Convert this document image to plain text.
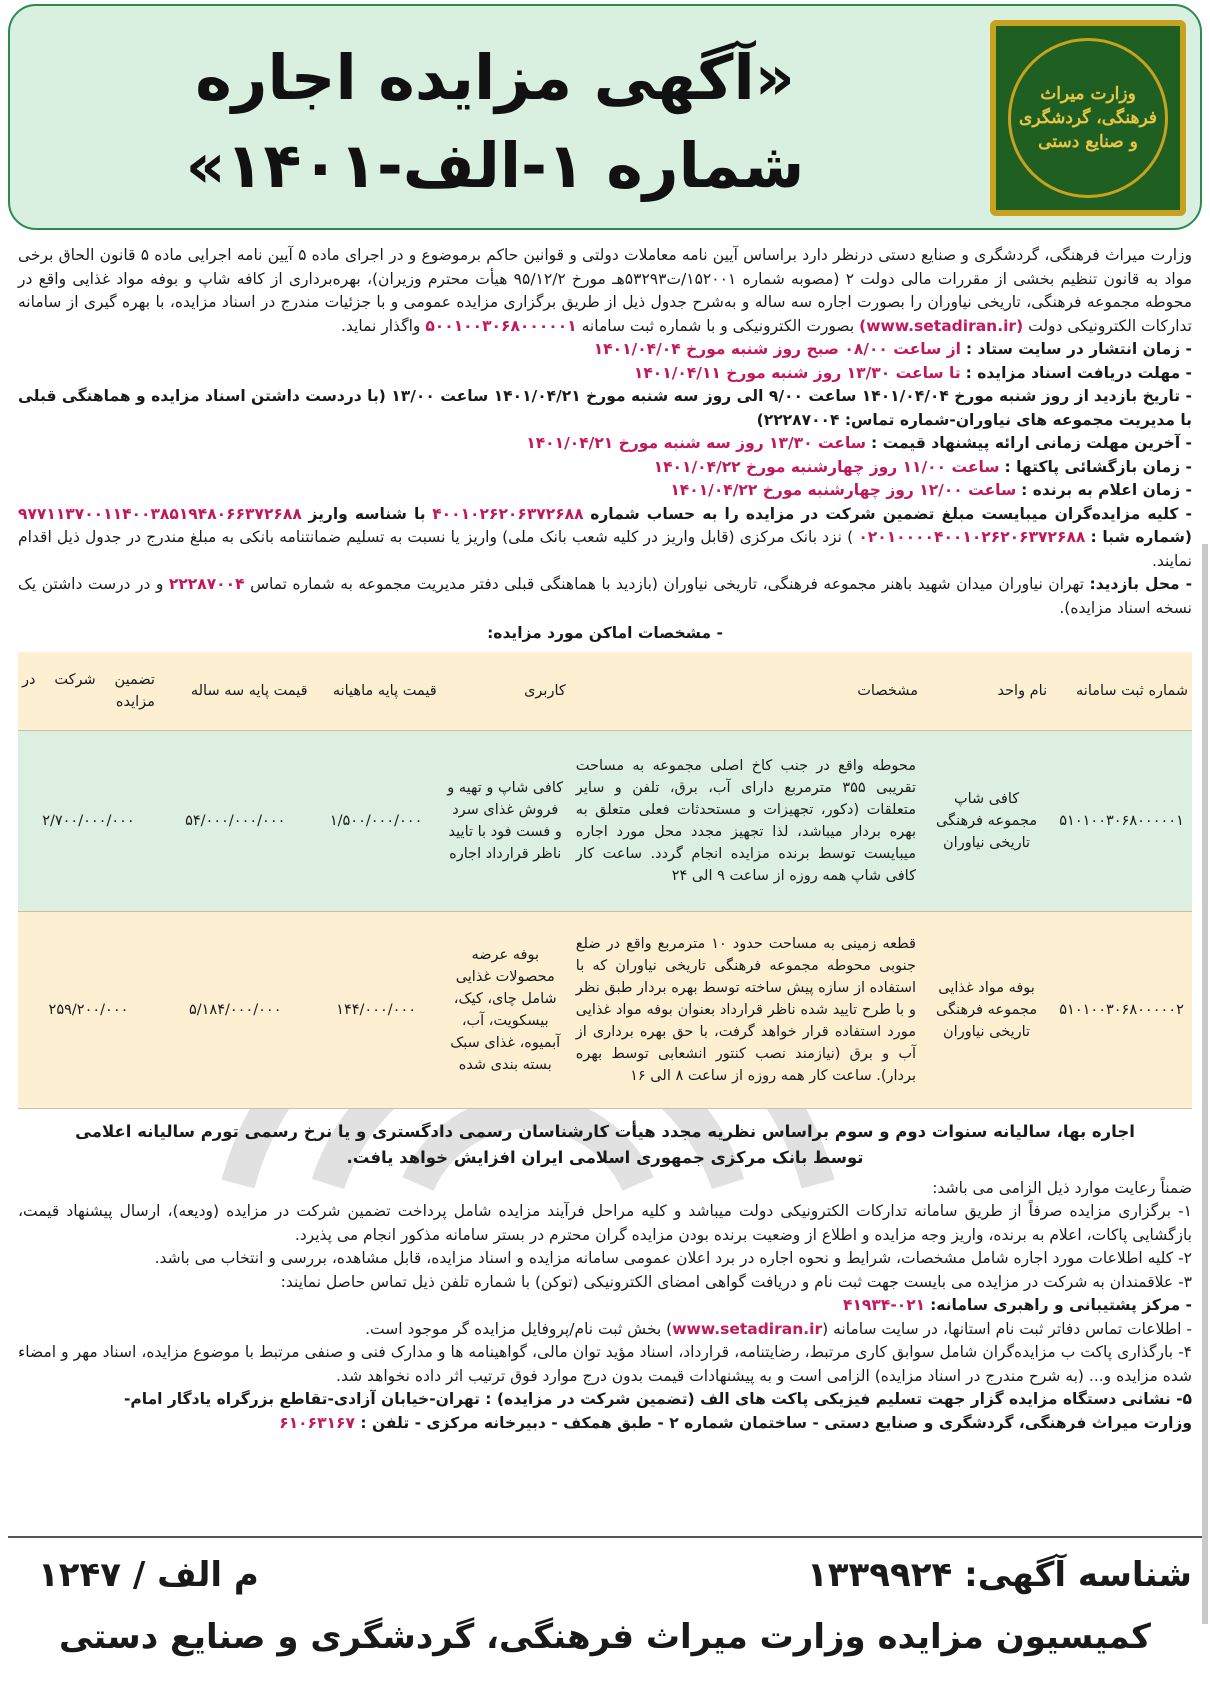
وزارت میراث فرهنگی، گردشگری و صنایع دستی
«آگهی مزایده اجاره
شماره ۱-الف-۱۴۰۱»

وزارت میراث فرهنگی، گردشگری و صنایع دستی درنظر دارد براساس آیین نامه معاملات دولتی و قوانین حاکم برموضوع و در اجرای ماده ۵ آیین نامه اجرایی ماده ۵ قانون الحاق برخی مواد به قانون تنظیم بخشی از مقررات مالی دولت ۲ (مصوبه شماره ۱۵۲۰۰۱/ت۵۳۲۹۳هـ مورخ ۹۵/۱۲/۲ هیأت محترم وزیران)، بهره‌برداری از کافه شاپ و بوفه مواد غذایی واقع در محوطه مجموعه فرهنگی، تاریخی نیاوران را بصورت اجاره سه ساله و به‌شرح جدول ذیل از طریق برگزاری مزایده عمومی و با جزئیات مندرج در اسناد مزایده، با بهره گیری از سامانه تدارکات الکترونیکی دولت (www.setadiran.ir) بصورت الکترونیکی و با شماره ثبت سامانه ۵۰۰۱۰۰۳۰۶۸۰۰۰۰۰۱ واگذار نماید.

- زمان انتشار در سایت ستاد : از ساعت ۰۸/۰۰ صبح روز شنبه مورخ ۱۴۰۱/۰۴/۰۴

- مهلت دریافت اسناد مزایده : تا ساعت ۱۳/۳۰ روز شنبه مورخ ۱۴۰۱/۰۴/۱۱

- تاریخ بازدید از روز شنبه مورخ ۱۴۰۱/۰۴/۰۴ ساعت ۹/۰۰ الی روز سه شنبه مورخ ۱۴۰۱/۰۴/۲۱ ساعت ۱۳/۰۰ (با دردست داشتن اسناد مزایده و هماهنگی قبلی با مدیریت مجموعه های نیاوران-شماره تماس: ۲۲۲۸۷۰۰۴)

- آخرین مهلت زمانی ارائه پیشنهاد قیمت : ساعت ۱۳/۳۰ روز سه شنبه مورخ ۱۴۰۱/۰۴/۲۱

- زمان بازگشائی پاکتها : ساعت ۱۱/۰۰ روز چهارشنبه مورخ ۱۴۰۱/۰۴/۲۲

- زمان اعلام به برنده : ساعت ۱۲/۰۰ روز چهارشنبه مورخ ۱۴۰۱/۰۴/۲۲

- کلیه مزایده‌گران میبایست مبلغ تضمین شرکت در مزایده را به حساب شماره ۴۰۰۱۰۲۶۲۰۶۳۷۲۶۸۸ با شناسه واریز ۹۷۷۱۱۳۷۰۰۱۱۴۰۰۳۸۵۱۹۴۸۰۶۶۳۷۲۶۸۸ (شماره شبا : ۰۲۰۱۰۰۰۰۴۰۰۱۰۲۶۲۰۶۳۷۲۶۸۸ ) نزد بانک مرکزی (قابل واریز در کلیه شعب بانک ملی) واریز یا نسبت به تسلیم ضمانتنامه بانکی به مبلغ مندرج در جدول ذیل اقدام نمایند.

- محل بازدید: تهران نیاوران میدان شهید باهنر مجموعه فرهنگی، تاریخی نیاوران (بازدید با هماهنگی قبلی دفتر مدیریت مجموعه به شماره تماس ۲۲۲۸۷۰۰۴ و در درست داشتن یک نسخه اسناد مزایده).

- مشخصات اماکن مورد مزایده:
شماره ثبت سامانه	نام واحد	مشخصات	کاربری	قیمت پایه ماهیانه	قیمت پایه سه ساله	تضمین شرکت در مزایده
۵۱۰۱۰۰۳۰۶۸۰۰۰۰۰۱	کافی شاپ مجموعه فرهنگی تاریخی نیاوران	محوطه واقع در جنب کاخ اصلی مجموعه به مساحت تقریبی ۳۵۵ مترمربع دارای آب، برق، تلفن و سایر متعلقات (دکور، تجهیزات و مستحدثات فعلی متعلق به بهره بردار میباشد، لذا تجهیز مجدد محل مورد اجاره میبایست توسط برنده مزایده انجام گردد. ساعت کار کافی شاپ همه روزه از ساعت ۹ الی ۲۴	کافی شاپ و تهیه و فروش غذای سرد و فست فود با تایید ناظر قرارداد اجاره	۱/۵۰۰/۰۰۰/۰۰۰	۵۴/۰۰۰/۰۰۰/۰۰۰	۲/۷۰۰/۰۰۰/۰۰۰
۵۱۰۱۰۰۳۰۶۸۰۰۰۰۰۲	بوفه مواد غذایی مجموعه فرهنگی تاریخی نیاوران	قطعه زمینی به مساحت حدود ۱۰ مترمربع واقع در ضلع جنوبی محوطه مجموعه فرهنگی تاریخی نیاوران که با استفاده از سازه پیش ساخته توسط بهره بردار طبق نظر و با طرح تایید شده ناظر قرارداد بعنوان بوفه مواد غذایی مورد استفاده قرار خواهد گرفت، با حق بهره برداری از آب و برق (نیازمند نصب کنتور انشعابی توسط بهره بردار). ساعت کار همه روزه از ساعت ۸ الی ۱۶	بوفه عرضه محصولات غذایی شامل چای، کیک، بیسکویت، آب، آبمیوه، غذای سبک بسته بندی شده	۱۴۴/۰۰۰/۰۰۰	۵/۱۸۴/۰۰۰/۰۰۰	۲۵۹/۲۰۰/۰۰۰
اجاره بها، سالیانه سنوات دوم و سوم براساس نظریه مجدد هیأت کارشناسان رسمی دادگستری و یا نرخ رسمی تورم سالیانه اعلامی توسط بانک مرکزی جمهوری اسلامی ایران افزایش خواهد یافت.

ضمناً رعایت موارد ذیل الزامی می باشد:

۱- برگزاری مزایده صرفاً از طریق سامانه تدارکات الکترونیکی دولت میباشد و کلیه مراحل فرآیند مزایده شامل پرداخت تضمین شرکت در مزایده (ودیعه)، ارسال پیشنهاد قیمت، بازگشایی پاکات، اعلام به برنده، واریز وجه مزایده و اطلاع از وضعیت برنده بودن مزایده گران محترم در بستر سامانه مذکور انجام می پذیرد.

۲- کلیه اطلاعات مورد اجاره شامل مشخصات، شرایط و نحوه اجاره در برد اعلان عمومی سامانه مزایده و اسناد مزایده، قابل مشاهده، بررسی و انتخاب می باشد.

۳- علاقمندان به شرکت در مزایده می بایست جهت ثبت نام و دریافت گواهی امضای الکترونیکی (توکن) با شماره تلفن ذیل تماس حاصل نمایند:

- مرکز پشتیبانی و راهبری سامانه: ۰۲۱-۴۱۹۳۴

- اطلاعات تماس دفاتر ثبت نام استانها، در سایت سامانه (www.setadiran.ir) بخش ثبت نام/پروفایل مزایده گر موجود است.

۴- بارگذاری پاکت ب مزایده‌گران شامل سوابق کاری مرتبط، رضایتنامه، قرارداد، اسناد مؤید توان مالی، گواهینامه ها و مدارک فنی و صنفی مرتبط با موضوع مزایده، اسناد مهر و امضاء شده مزایده و... (به شرح مندرج در اسناد مزایده) الزامی است و به پیشنهادات قیمت بدون درج موارد فوق ترتیب اثر داده نخواهد شد.

۵- نشانی دستگاه مزایده گزار جهت تسلیم فیزیکی پاکت های الف (تضمین شرکت در مزایده) : تهران-خیابان آزادی-تقاطع بزرگراه یادگار امام-

وزارت میراث فرهنگی، گردشگری و صنایع دستی - ساختمان شماره ۲ - طبق همکف - دبیرخانه مرکزی - تلفن : ۶۱۰۶۳۱۶۷

شناسه آگهی: ۱۳۳۹۹۲۴
م الف / ۱۲۴۷
کمیسیون مزایده وزارت میراث فرهنگی، گردشگری و صنایع دستی
